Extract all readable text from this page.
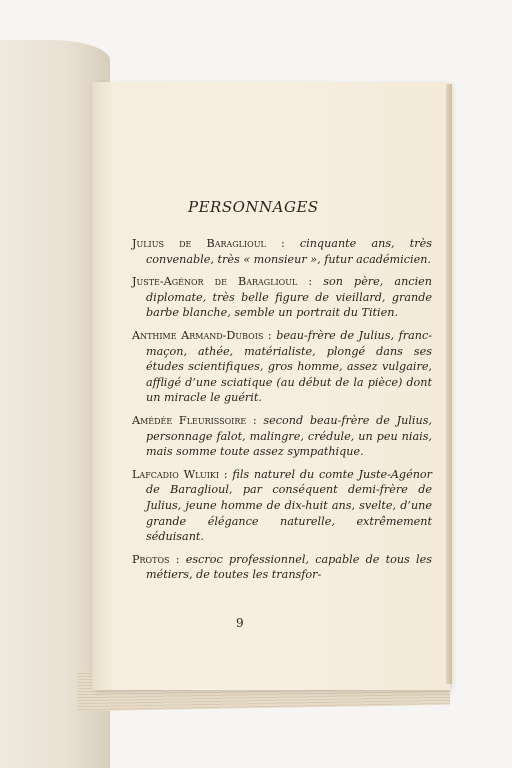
PERSONNAGES

Julius de Baraglioul : cinquante ans, très convenable, très « monsieur », futur académicien.

Juste-Agénor de Baraglioul : son père, ancien diplomate, très belle figure de vieillard, grande barbe blanche, semble un portrait du Titien.

Anthime Armand-Dubois : beau-frère de Julius, franc-maçon, athée, matérialiste, plongé dans ses études scientifiques, gros homme, assez vulgaire, affligé d’une sciatique (au début de la pièce) dont un miracle le guérit.

Amédée Fleurissoire : second beau-frère de Julius, personnage falot, malingre, crédule, un peu niais, mais somme toute assez sympathique.

Lafcadio Wluiki : fils naturel du comte Juste-Agénor de Baraglioul, par conséquent demi-frère de Julius, jeune homme de dix-huit ans, svelte, d’une grande élégance naturelle, extrêmement séduisant.

Protos : escroc professionnel, capable de tous les métiers, de toutes les transfor-

9
